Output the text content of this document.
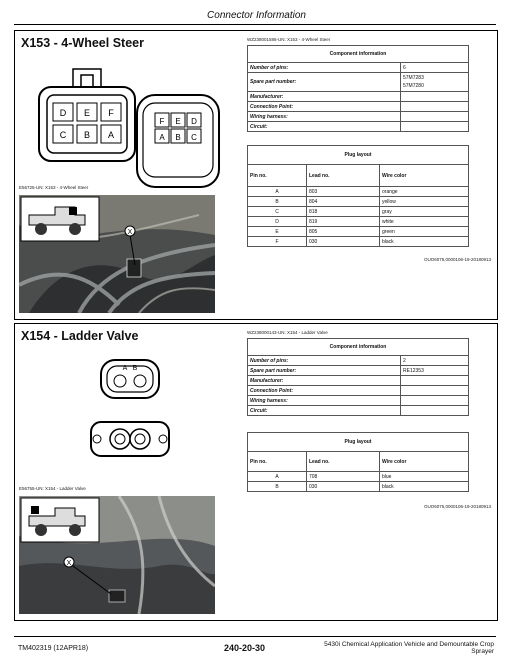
Connector Information
X153 - 4-Wheel Steer
D E F
C B A
F E D
A B C
E56725-UN: X153 - 4-Wheel Steer
X
WZ238001586-UN: X153 - 4-Wheel Steer
Component information	
Number of pins:	6
Spare part number:	57M7283
57M7280
Manufacturer:	
Connection Point:	
Wiring harness:	
Circuit:	
Plug layout		
Pin no.	Lead no.	Wire color
A	803	orange
B	804	yellow
C	818	gray
D	819	white
E	805	green
F	030	black
OUO6075,0000106-19-20180913
X154 - Ladder Valve
A B
E56755-UN: X154 - Ladder Valve
X
WZ238000143-UN: X154 - Ladder Valve
Component information	
Number of pins:	2
Spare part number:	RE12353
Manufacturer:	
Connection Point:	
Wiring harness:	
Circuit:	
Plug layout		
Pin no.	Lead no.	Wire color
A	708	blue
B	030	black
OUO6075,0000106-19-20180913
TM402319 (12APR18)	240-20-30	5430i Chemical Application Vehicle and Demountable Crop Sprayer
